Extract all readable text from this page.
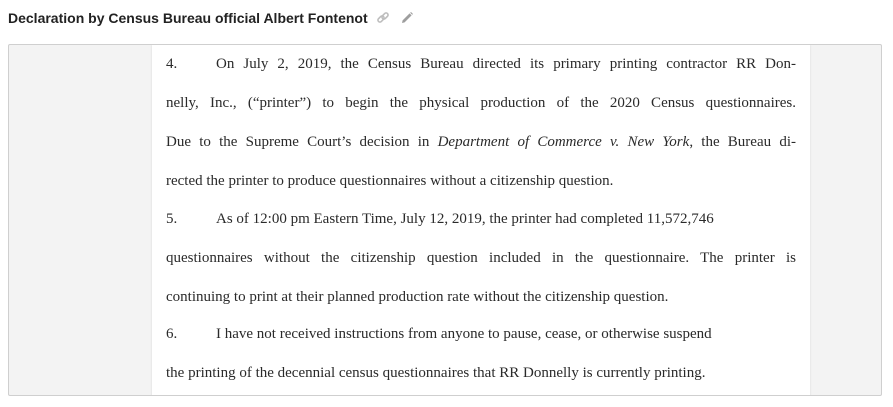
Declaration by Census Bureau official Albert Fontenot
4.	On July 2, 2019, the Census Bureau directed its primary printing contractor RR Don-
nelly, Inc., (“printer”) to begin the physical production of the 2020 Census questionnaires.
Due to the Supreme Court’s decision in Department of Commerce v. New York, the Bureau di-
rected the printer to produce questionnaires without a citizenship question.
5.	As of 12:00 pm Eastern Time, July 12, 2019, the printer had completed 11,572,746
questionnaires without the citizenship question included in the questionnaire. The printer is
continuing to print at their planned production rate without the citizenship question.
6.	I have not received instructions from anyone to pause, cease, or otherwise suspend
the printing of the decennial census questionnaires that RR Donnelly is currently printing.
